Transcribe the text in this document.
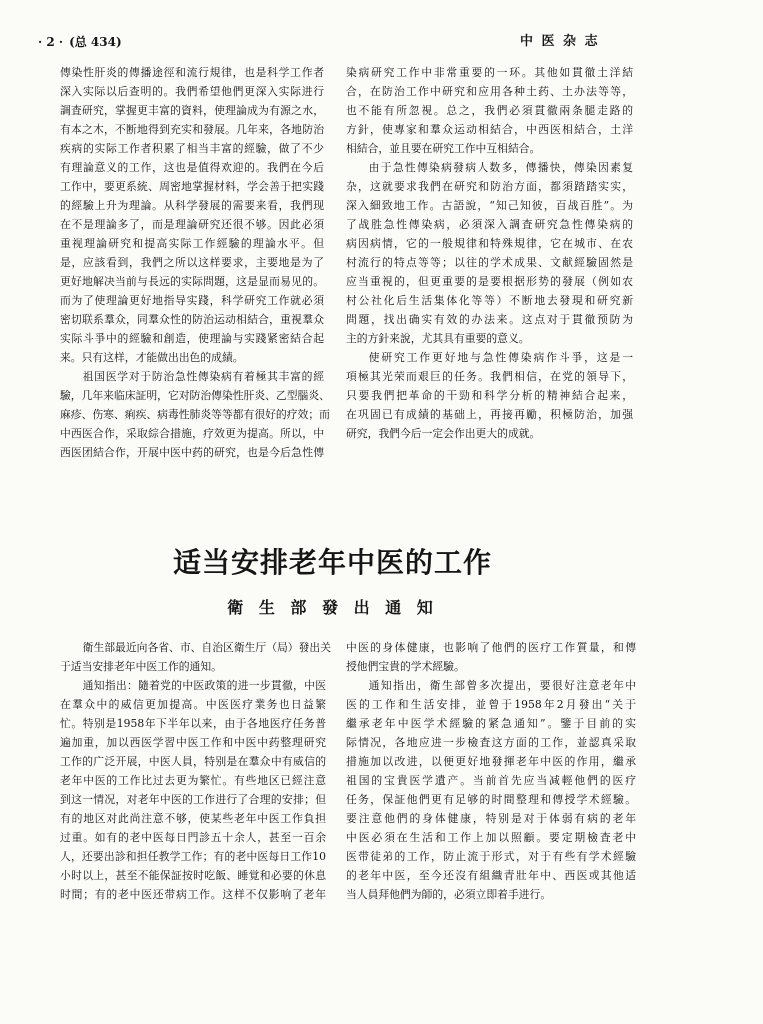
· 2 · (总 434)	中 医 杂 志
傳染性肝炎的傳播途徑和流行規律，也是科学工作者
深入实际以后查明的。我們希望他們更深入实际进行
調査研究，掌握更丰富的資料，使理論成为有源之水，
有本之木，不断地得到充实和發展。几年来，各地防治
疾病的实际工作者积累了相当丰富的經驗，做了不少
有理論意义的工作，这也是值得欢迎的。我們在今后
工作中，要更系統、周密地掌握材料，学会善于把实踐
的經驗上升为理論。从科学發展的需要来看，我們现
在不是理論多了，而是理論研究还很不够。因此必須
重视理論研究和提高实际工作經驗的理論水平。但
是，应該看到，我們之所以这样要求，主要地是为了
更好地解决当前与長远的实际問題，这是显而易见的。
而为了使理論更好地指导实踐，科学研究工作就必須
密切联系羣众，同羣众性的防治运动相結合，重視羣众
实际斗爭中的經驗和創造，使理論与实踐紧密結合起
来。只有这样，才能做出出色的成績。
祖国医学对于防治急性傳染病有着極其丰富的經
驗，几年来临床証明，它对防治傳染性肝炎、乙型腦炎、
麻疹、伤寒、痢疾、病毒性肺炎等等都有很好的疗效；而
中西医合作，采取綜合措施，疗效更为提高。所以，中
西医团結合作，开展中医中药的研究，也是今后急性傳
染病研究工作中非常重要的一环。其他如貫徹土洋結
合，在防治工作中研究和应用各种土药、土办法等等，
也不能有所忽視。总之，我們必須貫徹兩条腿走路的
方針，使專家和羣众运动相結合，中西医相結合，土洋
相結合，並且要在研究工作中互相結合。
由于急性傳染病發病人数多，傳播快，傳染因素复
杂，这就要求我們在研究和防治方面，都須踏踏实实，
深入細致地工作。古語說，“知己知彼，百战百胜”。为
了战胜急性傳染病，必須深入調査研究急性傳染病的
病因病情，它的一般規律和特殊規律，它在城市、在农
村流行的特点等等；以往的学术成果、文献經驗固然是
应当重視的，但更重要的是要根据形势的發展（例如农
村公社化后生活集体化等等）不断地去發現和研究新
問題，找出确实有效的办法来。这点对于貫徹预防为
主的方針来說，尤其具有重要的意义。
使研究工作更好地与急性傳染病作斗爭，这是一
項極其光荣而艰巨的任务。我們相信，在党的領导下，
只要我們把革命的干勁和科学分析的精神結合起来，
在巩固已有成績的基础上，再接再勵，积極防治，加强
研究，我們今后一定会作出更大的成就。
适当安排老年中医的工作
衛 生 部 發 出 通 知
衛生部最近向各省、市、自治区衛生厅（局）發出关
于适当安排老年中医工作的通知。
通知指出：隨着党的中医政策的进一步貫徹，中医
在羣众中的威信更加提高。中医医疗業务也日益繁
忙。特别是1958年下半年以来，由于各地医疗任务普
遍加重，加以西医学習中医工作和中医中药整理研究
工作的广泛开展，中医人員，特别是在羣众中有威信的
老年中医的工作比过去更为繁忙。有些地区已經注意
到这一情况，对老年中医的工作进行了合理的安排；但
有的地区对此尚注意不够，使某些老年中医工作負担
过重。如有的老中医每日門診五十余人，甚至一百余
人，还要出診和担任教学工作；有的老中医每日工作10
小时以上，甚至不能保証按时吃飯、睡覚和必要的休息
时間；有的老中医还带病工作。这样不仅影响了老年
中医的身体健康，也影响了他們的医疗工作質量，和傳
授他們宝貴的学术經驗。
通知指出，衛生部曾多次提出，要很好注意老年中
医的工作和生活安排，並曾于1958年2月發出“关于
繼承老年中医学术經驗的紧急通知”。鑒于目前的实
际情况，各地应进一步檢査这方面的工作，並認真采取
措施加以改进，以便更好地發揮老年中医的作用，繼承
祖国的宝貴医学遺产。当前首先应当减輕他們的医疗
任务，保証他們更有足够的时間整理和傳授学术經驗。
要注意他們的身体健康，特别是对于体弱有病的老年
中医必須在生活和工作上加以照顧。要定期檢査老中
医带徒弟的工作，防止流于形式，对于有些有学术經驗
的老年中医，至今还沒有組織青壯年中、西医或其他适
当人員拜他們为師的，必須立即着手进行。
